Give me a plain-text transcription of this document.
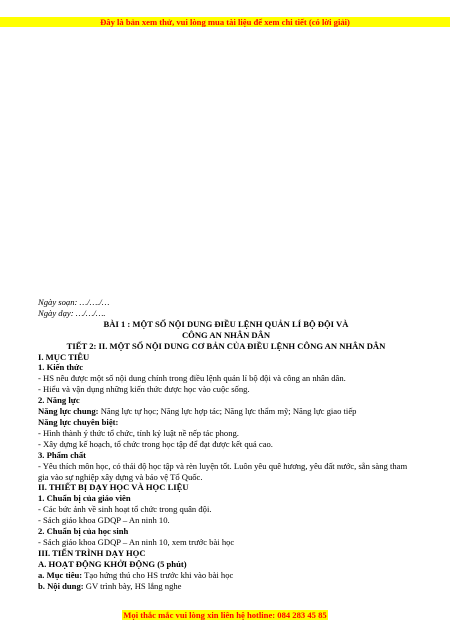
Đây là bản xem thử, vui lòng mua tài liệu để xem chi tiết (có lời giải)

Ngày soạn: …/…./…

Ngày dạy: …/…/….

BÀI 1 : MỘT SỐ NỘI DUNG ĐIỀU LỆNH QUẢN LÍ BỘ ĐỘI VÀ

CÔNG AN NHÂN DÂN

TIẾT 2: II. MỘT SỐ NỘI DUNG CƠ BẢN CỦA ĐIỀU LỆNH CÔNG AN NHÂN DÂN

I. MỤC TIÊU

1. Kiến thức

- HS nêu được một số nội dung chính trong điều lệnh quản lí bộ đội và công an nhân dân.

- Hiểu và vận dụng những kiến thức được học vào cuộc sống.

2. Năng lực

Năng lực chung: Năng lực tự học; Năng lực hợp tác; Năng lực thẩm mỹ; Năng lực giao tiếp

Năng lực chuyên biệt:

- Hình thành ý thức tổ chức, tính kỷ luật nề nếp tác phong.

- Xây dựng kế hoạch, tổ chức trong học tập để đạt được kết quả cao.

3. Phẩm chất

- Yêu thích môn học, có thái độ học tập và rèn luyện tốt. Luôn yêu quê hương, yêu đất nước, sẵn sàng tham gia vào sự nghiệp xây dựng và bảo vệ Tổ Quốc.

II. THIẾT BỊ DẠY HỌC VÀ HỌC LIỆU

1. Chuẩn bị của giáo viên

- Các bức ảnh về sinh hoạt tổ chức trong quân đội.

- Sách giáo khoa GDQP – An ninh 10.

2. Chuẩn bị của học sinh

- Sách giáo khoa GDQP – An ninh 10, xem trước bài học

III. TIẾN TRÌNH DẠY HỌC

A. HOẠT ĐỘNG KHỞI ĐỘNG (5 phút)

a. Mục tiêu: Tạo hứng thú cho HS trước khi vào bài học

b. Nội dung: GV trình bày, HS lắng nghe

Mọi thắc mắc vui lòng xin liên hệ hotline: 084 283 45 85
